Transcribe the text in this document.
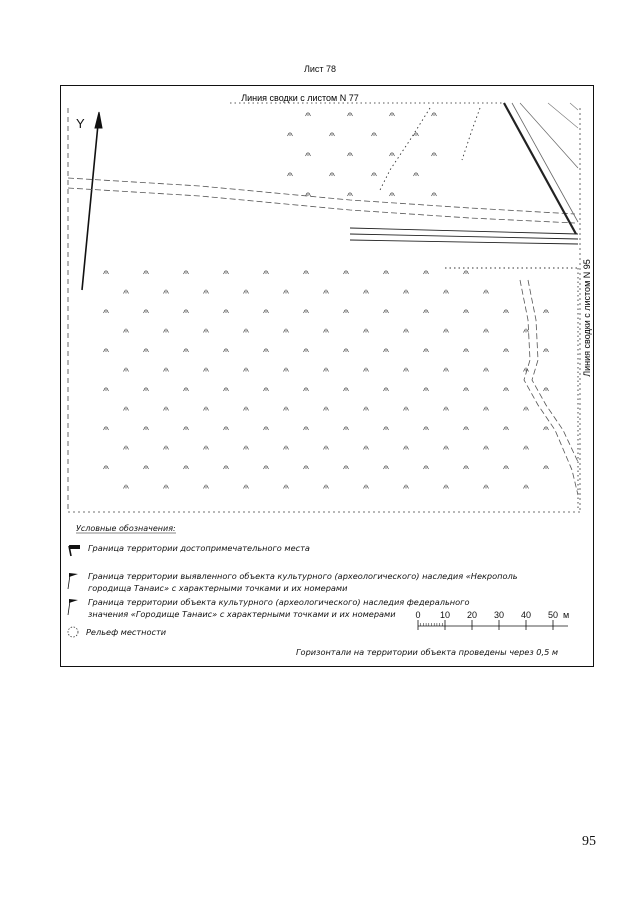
Лист 78
Линия сводки с листом N 77
Линия сводки с листом N 95
Y
Условные обозначения:
0 10 20 30 40 50 м
Граница территории достопримечательного места
Граница территории выявленного объекта культурного (археологического) наследия «Некрополь
городища Танаис» с характерными точками и их номерами
Граница территории объекта культурного (археологического) наследия федерального
значения «Городище Танаис» с характерными точками и их номерами
Рельеф местности
Горизонтали на территории объекта проведены через 0,5 м
95
